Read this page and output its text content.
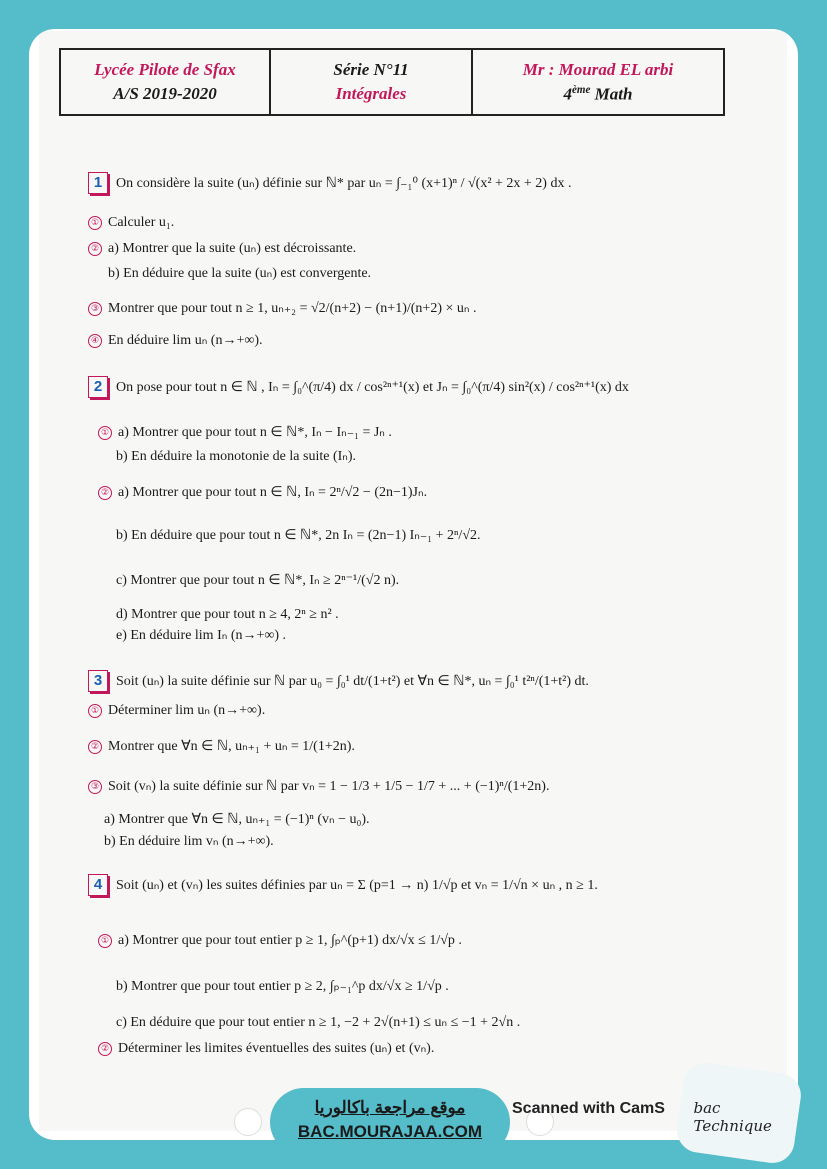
Lycée Pilote de Sfax
A/S 2019-2020
Série N°11
Intégrales
Mr : Mourad EL arbi
4ème Math
1 On considère la suite (uₙ) définie sur ℕ* par uₙ = ∫₋₁⁰ (x+1)ⁿ / √(x² + 2x + 2) dx .
① Calculer u₁.
② a) Montrer que la suite (uₙ) est décroissante.
b) En déduire que la suite (uₙ) est convergente.
③ Montrer que pour tout n ≥ 1, uₙ₊₂ = √2/(n+2) − (n+1)/(n+2) × uₙ .
④ En déduire lim uₙ (n→+∞).
2 On pose pour tout n ∈ ℕ , Iₙ = ∫₀^(π/4) dx / cos²ⁿ⁺¹(x) et Jₙ = ∫₀^(π/4) sin²(x) / cos²ⁿ⁺¹(x) dx
① a) Montrer que pour tout n ∈ ℕ*, Iₙ − Iₙ₋₁ = Jₙ .
b) En déduire la monotonie de la suite (Iₙ).
② a) Montrer que pour tout n ∈ ℕ, Iₙ = 2ⁿ/√2 − (2n−1)Jₙ.
b) En déduire que pour tout n ∈ ℕ*, 2n Iₙ = (2n−1) Iₙ₋₁ + 2ⁿ/√2.
c) Montrer que pour tout n ∈ ℕ*, Iₙ ≥ 2ⁿ⁻¹/(√2 n).
d) Montrer que pour tout n ≥ 4, 2ⁿ ≥ n² .
e) En déduire lim Iₙ (n→+∞) .
3 Soit (uₙ) la suite définie sur ℕ par u₀ = ∫₀¹ dt/(1+t²) et ∀n ∈ ℕ*, uₙ = ∫₀¹ t²ⁿ/(1+t²) dt.
① Déterminer lim uₙ (n→+∞).
② Montrer que ∀n ∈ ℕ, uₙ₊₁ + uₙ = 1/(1+2n).
③ Soit (vₙ) la suite définie sur ℕ par vₙ = 1 − 1/3 + 1/5 − 1/7 + ... + (−1)ⁿ/(1+2n).
a) Montrer que ∀n ∈ ℕ, uₙ₊₁ = (−1)ⁿ (vₙ − u₀).
b) En déduire lim vₙ (n→+∞).
4 Soit (uₙ) et (vₙ) les suites définies par uₙ = Σ (p=1 → n) 1/√p et vₙ = 1/√n × uₙ , n ≥ 1.
① a) Montrer que pour tout entier p ≥ 1, ∫ₚ^(p+1) dx/√x ≤ 1/√p .
b) Montrer que pour tout entier p ≥ 2, ∫ₚ₋₁^p dx/√x ≥ 1/√p .
c) En déduire que pour tout entier n ≥ 1, −2 + 2√(n+1) ≤ uₙ ≤ −1 + 2√n .
② Déterminer les limites éventuelles des suites (uₙ) et (vₙ).
Scanned with CamS
موقع مراجعة باكالوريا
BAC.MOURAJAA.COM
bac Technique
